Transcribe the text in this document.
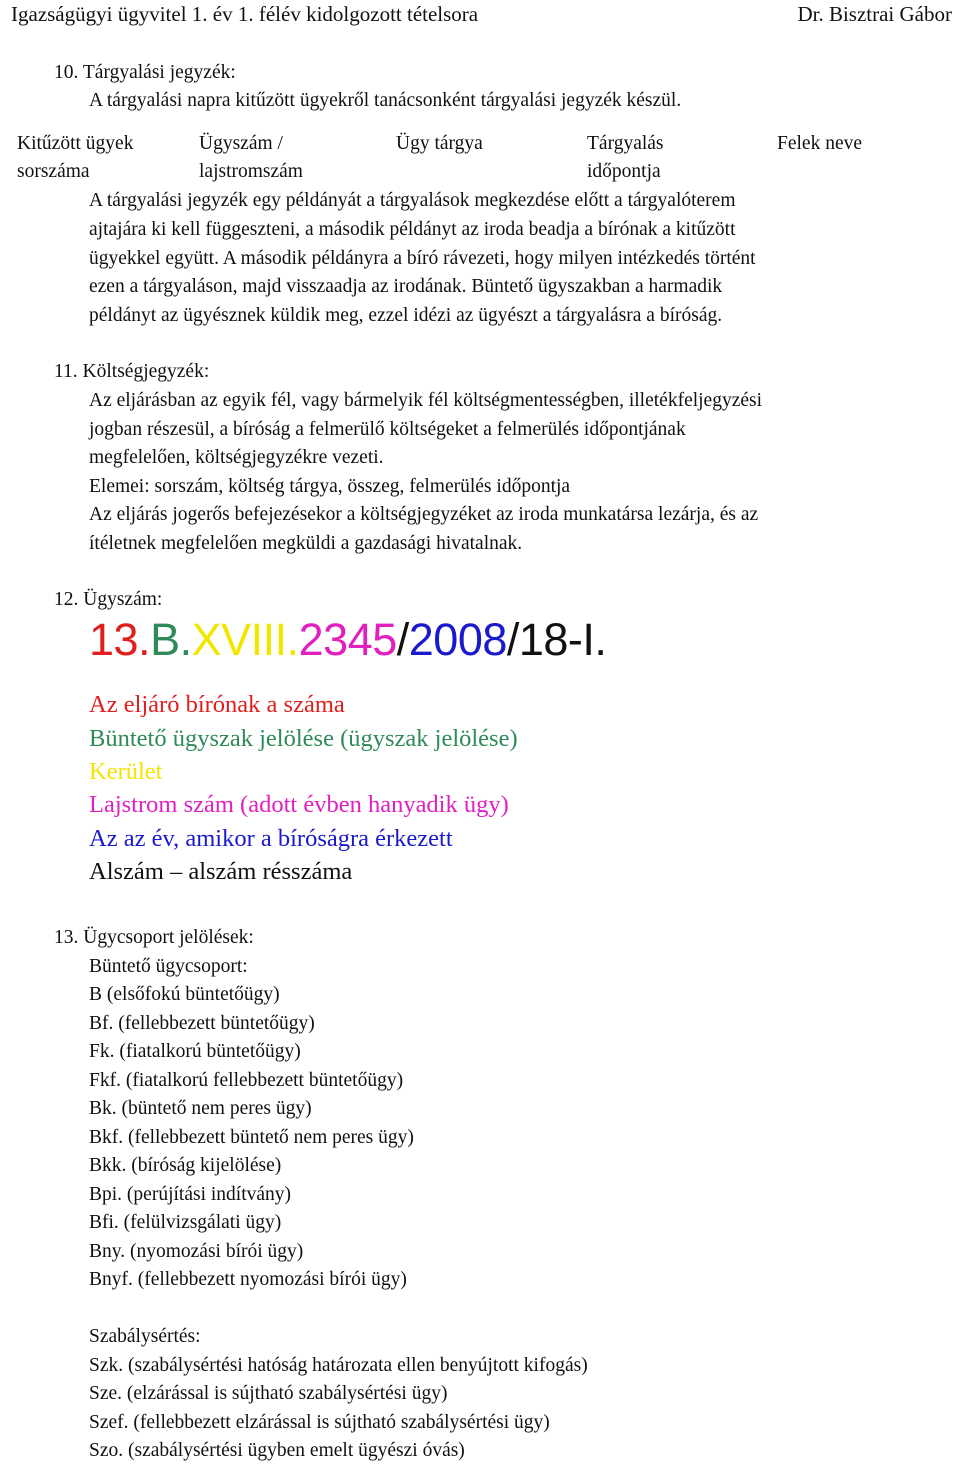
Igazságügyi ügyvitel 1. év 1. félév kidolgozott tételsora	Dr. Bisztrai Gábor
10. Tárgyalási jegyzék:
A tárgyalási napra kitűzött ügyekről tanácsonként tárgyalási jegyzék készül.
Kitűzött ügyek
sorszáma
Ügyszám /
lajstromszám
Ügy tárgya	Tárgyalás
időpontja
Felek neve
A tárgyalási jegyzék egy példányát a tárgyalások megkezdése előtt a tárgyalóterem
ajtajára ki kell függeszteni, a második példányt az iroda beadja a bírónak a kitűzött
ügyekkel együtt. A második példányra a bíró rávezeti, hogy milyen intézkedés történt
ezen a tárgyaláson, majd visszaadja az irodának. Büntető ügyszakban a harmadik
példányt az ügyésznek küldik meg, ezzel idézi az ügyészt a tárgyalásra a bíróság.
11. Költségjegyzék:
Az eljárásban az egyik fél, vagy bármelyik fél költségmentességben, illetékfeljegyzési
jogban részesül, a bíróság a felmerülő költségeket a felmerülés időpontjának
megfelelően, költségjegyzékre vezeti.
Elemei: sorszám, költség tárgya, összeg, felmerülés időpontja
Az eljárás jogerős befejezésekor a költségjegyzéket az iroda munkatársa lezárja, és az
ítéletnek megfelelően megküldi a gazdasági hivatalnak.
12. Ügyszám:
13.B.XVIII.2345/2008/18-I.
Az eljáró bírónak a száma
Büntető ügyszak jelölése (ügyszak jelölése)
Kerület
Lajstrom szám (adott évben hanyadik ügy)
Az az év, amikor a bíróságra érkezett
Alszám – alszám résszáma
13. Ügycsoport jelölések:
Büntető ügycsoport:
B (elsőfokú büntetőügy)
Bf. (fellebbezett büntetőügy)
Fk. (fiatalkorú büntetőügy)
Fkf. (fiatalkorú fellebbezett büntetőügy)
Bk. (büntető nem peres ügy)
Bkf. (fellebbezett büntető nem peres ügy)
Bkk. (bíróság kijelölése)
Bpi. (perújítási indítvány)
Bfi. (felülvizsgálati ügy)
Bny. (nyomozási bírói ügy)
Bnyf. (fellebbezett nyomozási bírói ügy)
Szabálysértés:
Szk. (szabálysértési hatóság határozata ellen benyújtott kifogás)
Sze. (elzárással is sújtható szabálysértési ügy)
Szef. (fellebbezett elzárással is sújtható szabálysértési ügy)
Szo. (szabálysértési ügyben emelt ügyészi óvás)
